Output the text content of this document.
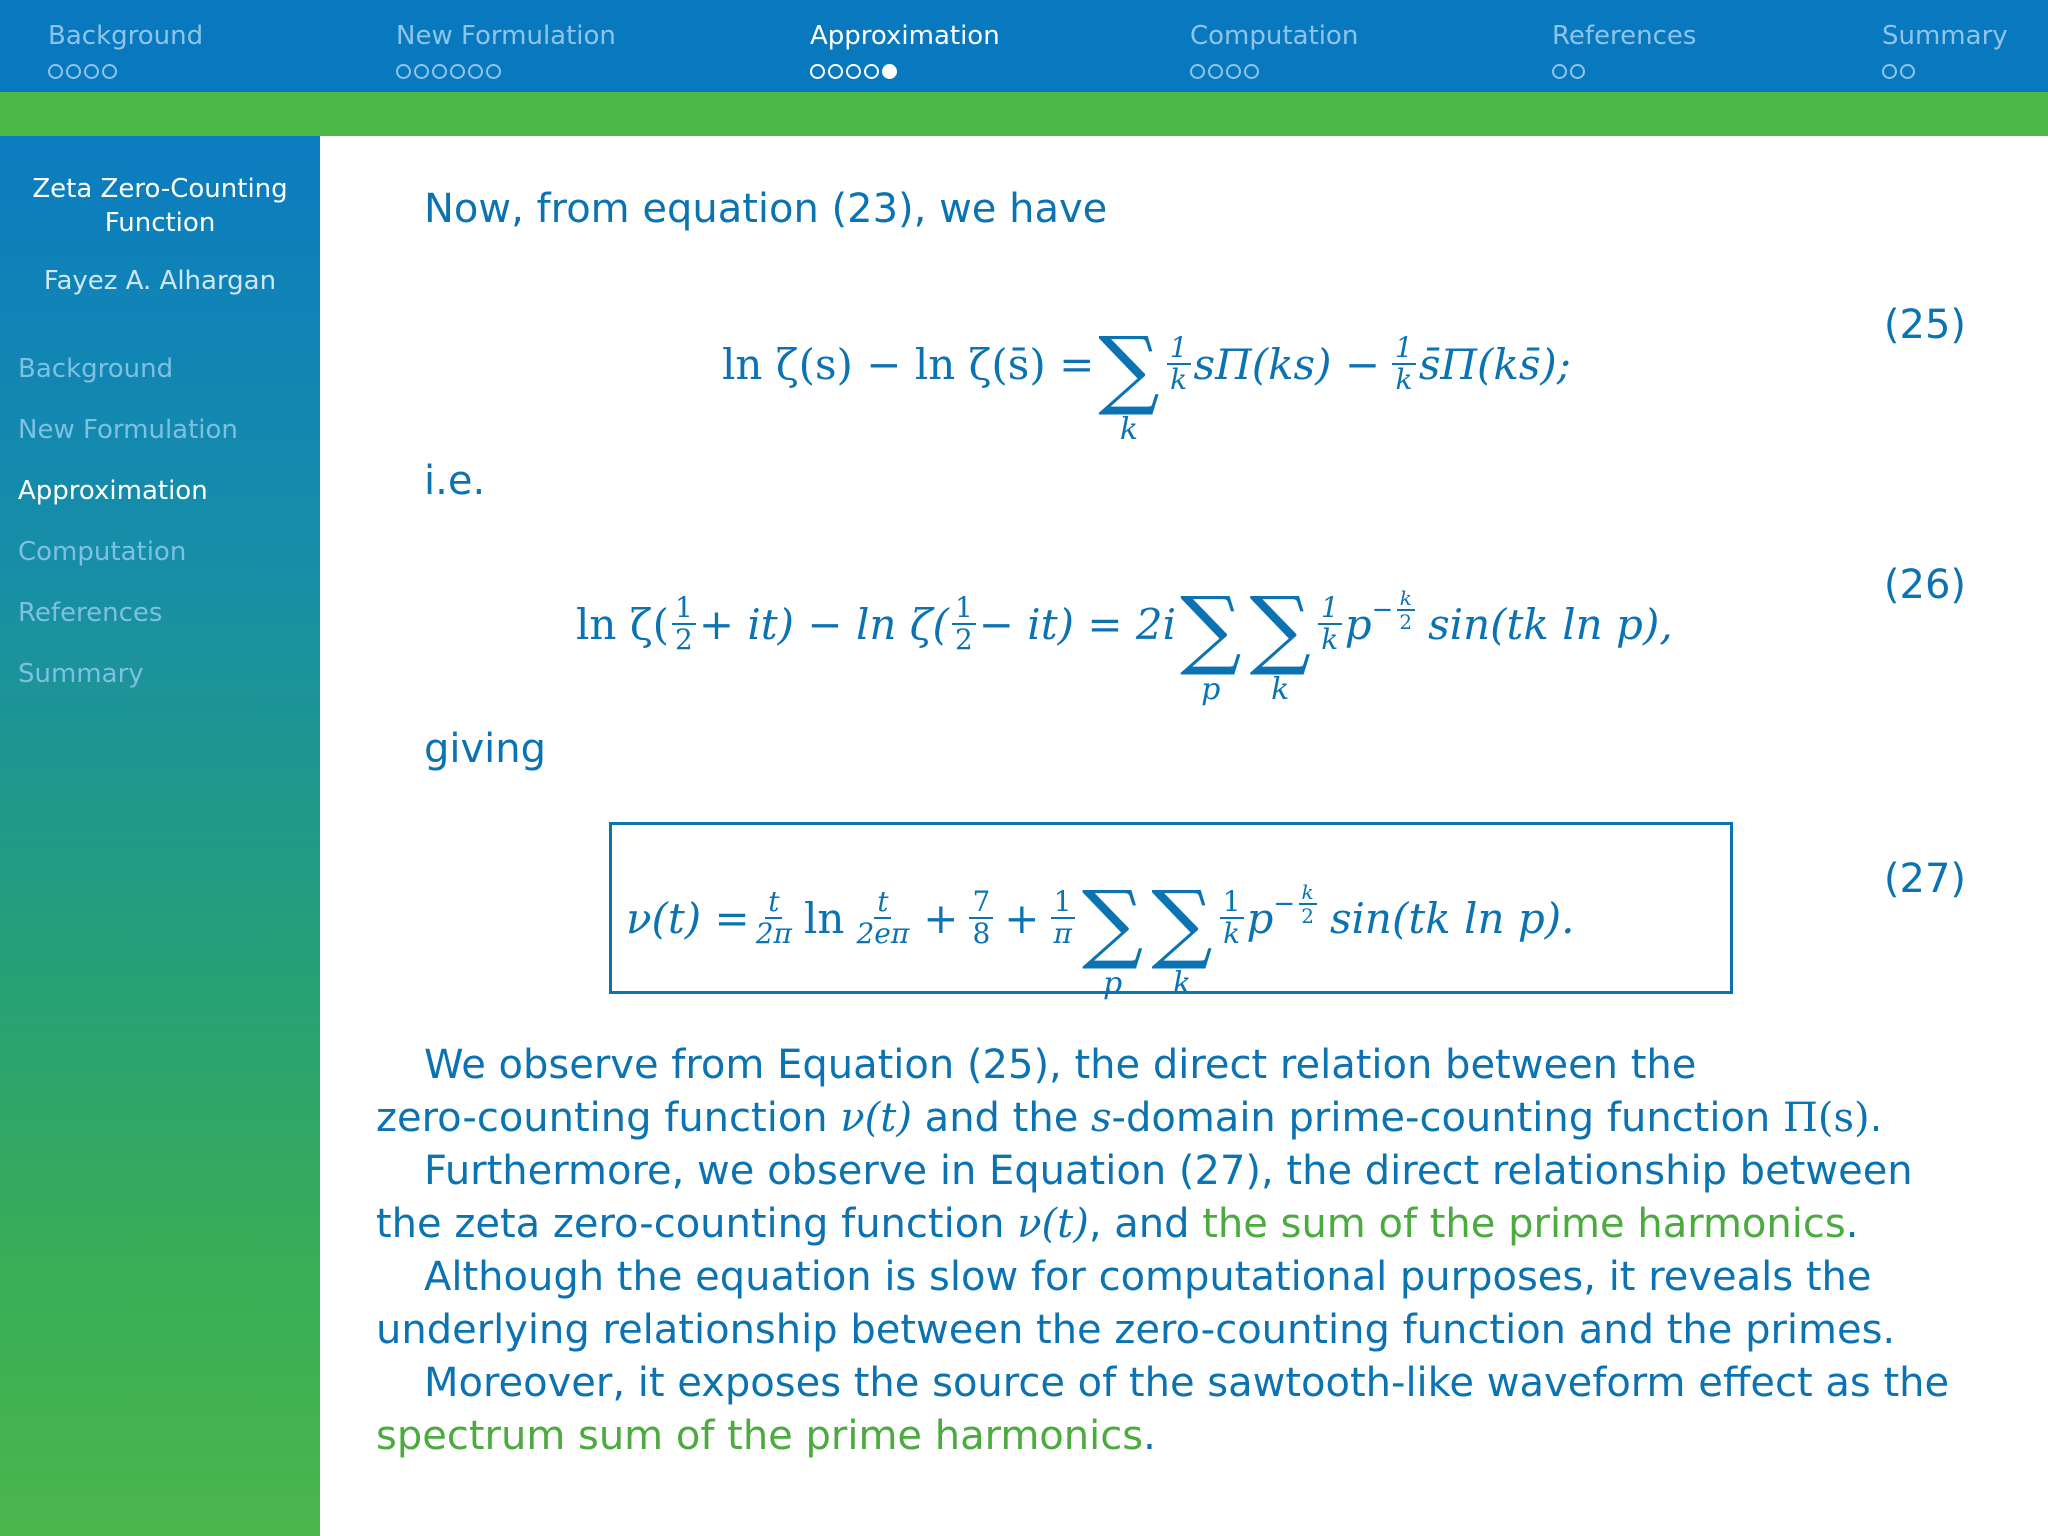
Background	New Formulation	Approximation	Computation	References	Summary
Zeta Zero-Counting
Function
Fayez A. Alhargan
Background
New Formulation
Approximation
Computation
References
Summary
Now, from equation (23), we have
ln ζ(s) − ln ζ(s̄) = ∑
k
$\frac{1}{k} s\Pi(ks) - \frac{1}{k}$ s̄Π(ks̄);
(25)
i.e.
$\ln \zeta( \frac{1}{2} + it) - \ln \zeta( \frac{1}{2} - it) = 2i$ ∑
p
∑
k
$\frac{1}{k}$ $p - \frac{k}{2} \sin(tk$ ln p),
(26)
giving
$\nu(t) = \frac{t}{2\pi}$ $\ln \frac{t}{2e\pi} + \frac{7}{8} + \frac{1}{\pi}$ ∑
p
∑
k
$\frac{1}{k}$ $p - \frac{k}{2} \sin(tk$ ln p).
(27)
We observe from Equation (25), the direct relation between the
zero-counting function ν(t) and the s-domain prime-counting function Π(s).
Furthermore, we observe in Equation (27), the direct relationship between
the zeta zero-counting function ν(t), and the sum of the prime harmonics.
Although the equation is slow for computational purposes, it reveals the
underlying relationship between the zero-counting function and the primes.
Moreover, it exposes the source of the sawtooth-like waveform effect as the
spectrum sum of the prime harmonics.
